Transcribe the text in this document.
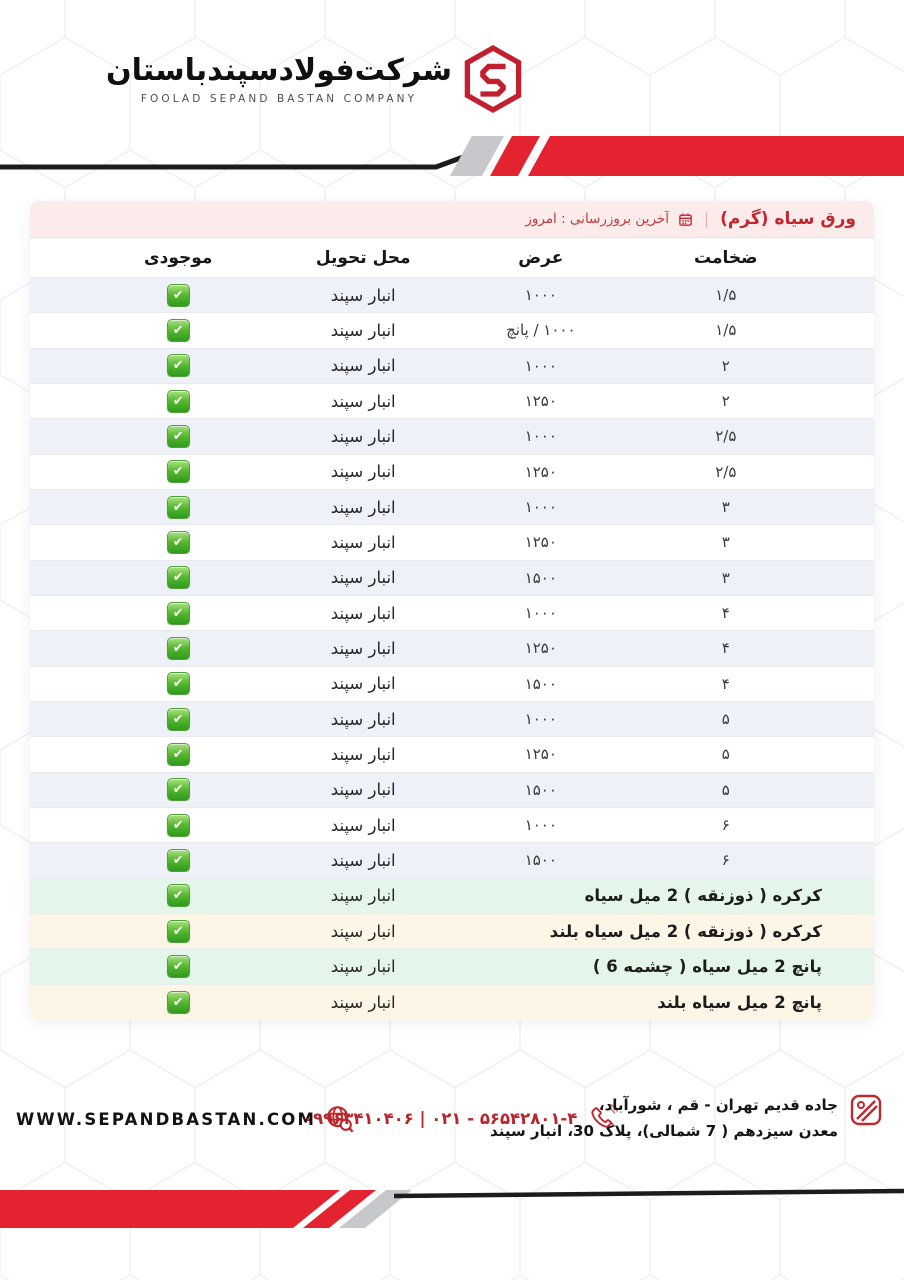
شرکت‌فولادسپندباستان
FOOLAD SEPAND BASTAN COMPANY
ورق سیاه (گرم)
|
آخرین بروزرسانی : امروز
ضخامت
عرض
محل تحویل
موجودی
۱/۵
۱۰۰۰
انبار سپند
✔
۱/۵
۱۰۰۰ / پانچ
انبار سپند
✔
۲
۱۰۰۰
انبار سپند
✔
۲
۱۲۵۰
انبار سپند
✔
۲/۵
۱۰۰۰
انبار سپند
✔
۲/۵
۱۲۵۰
انبار سپند
✔
۳
۱۰۰۰
انبار سپند
✔
۳
۱۲۵۰
انبار سپند
✔
۳
۱۵۰۰
انبار سپند
✔
۴
۱۰۰۰
انبار سپند
✔
۴
۱۲۵۰
انبار سپند
✔
۴
۱۵۰۰
انبار سپند
✔
۵
۱۰۰۰
انبار سپند
✔
۵
۱۲۵۰
انبار سپند
✔
۵
۱۵۰۰
انبار سپند
✔
۶
۱۰۰۰
انبار سپند
✔
۶
۱۵۰۰
انبار سپند
✔
کرکره ( ذوزنقه ) 2 میل سیاه
انبار سپند
✔
کرکره ( ذوزنقه ) 2 میل سیاه بلند
انبار سپند
✔
پانچ 2 میل سیاه ( چشمه 6 )
انبار سپند
✔
پانچ 2 میل سیاه بلند
انبار سپند
✔
WWW.SEPANDBASTAN.COM
۰۹۹۶۳۴۱۰۴۰۶ | ۰۲۱ - ۵۶۵۴۲۸۰۱-۴
جاده قدیم تهران - قم ، شورآباد،
معدن سیزدهم ( 7 شمالی)، پلاک 30، انبار سپند
